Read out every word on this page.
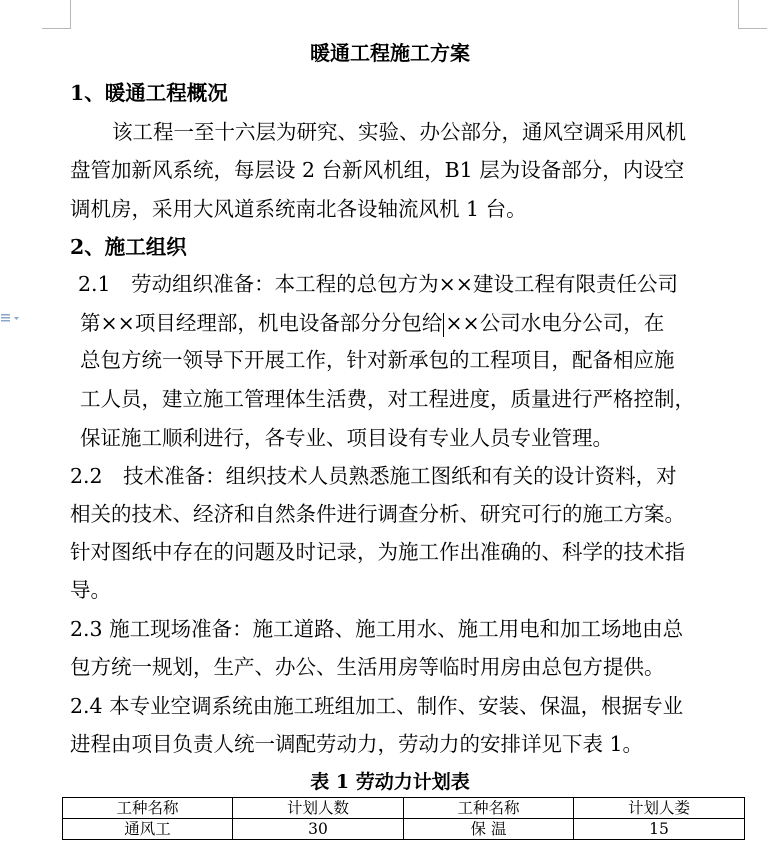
暖通工程施工方案
1、暖通工程概况
该工程一至十六层为研究、实验、办公部分，通风空调采用风机
盘管加新风系统，每层设 2 台新风机组，B1 层为设备部分，内设空
调机房，采用大风道系统南北各设轴流风机 1 台。
2、施工组织
2.1　劳动组织准备：本工程的总包方为××建设工程有限责任公司
第××项目经理部，机电设备部分分包给 ××公司水电分公司，在
总包方统一领导下开展工作，针对新承包的工程项目，配备相应施
工人员，建立施工管理体生活费，对工程进度，质量进行严格控制，
保证施工顺利进行，各专业、项目设有专业人员专业管理。
2.2　技术准备：组织技术人员熟悉施工图纸和有关的设计资料，对
相关的技术、经济和自然条件进行调查分析、研究可行的施工方案。
针对图纸中存在的问题及时记录，为施工作出准确的、科学的技术指
导。
2.3 施工现场准备：施工道路、施工用水、施工用电和加工场地由总
包方统一规划，生产、办公、生活用房等临时用房由总包方提供。
2.4 本专业空调系统由施工班组加工、制作、安装、保温，根据专业
进程由项目负责人统一调配劳动力，劳动力的安排详见下表 1。
表 1 劳动力计划表
工种名称	计划人数	工种名称	计划人娄
通风工	30	保 温	15
